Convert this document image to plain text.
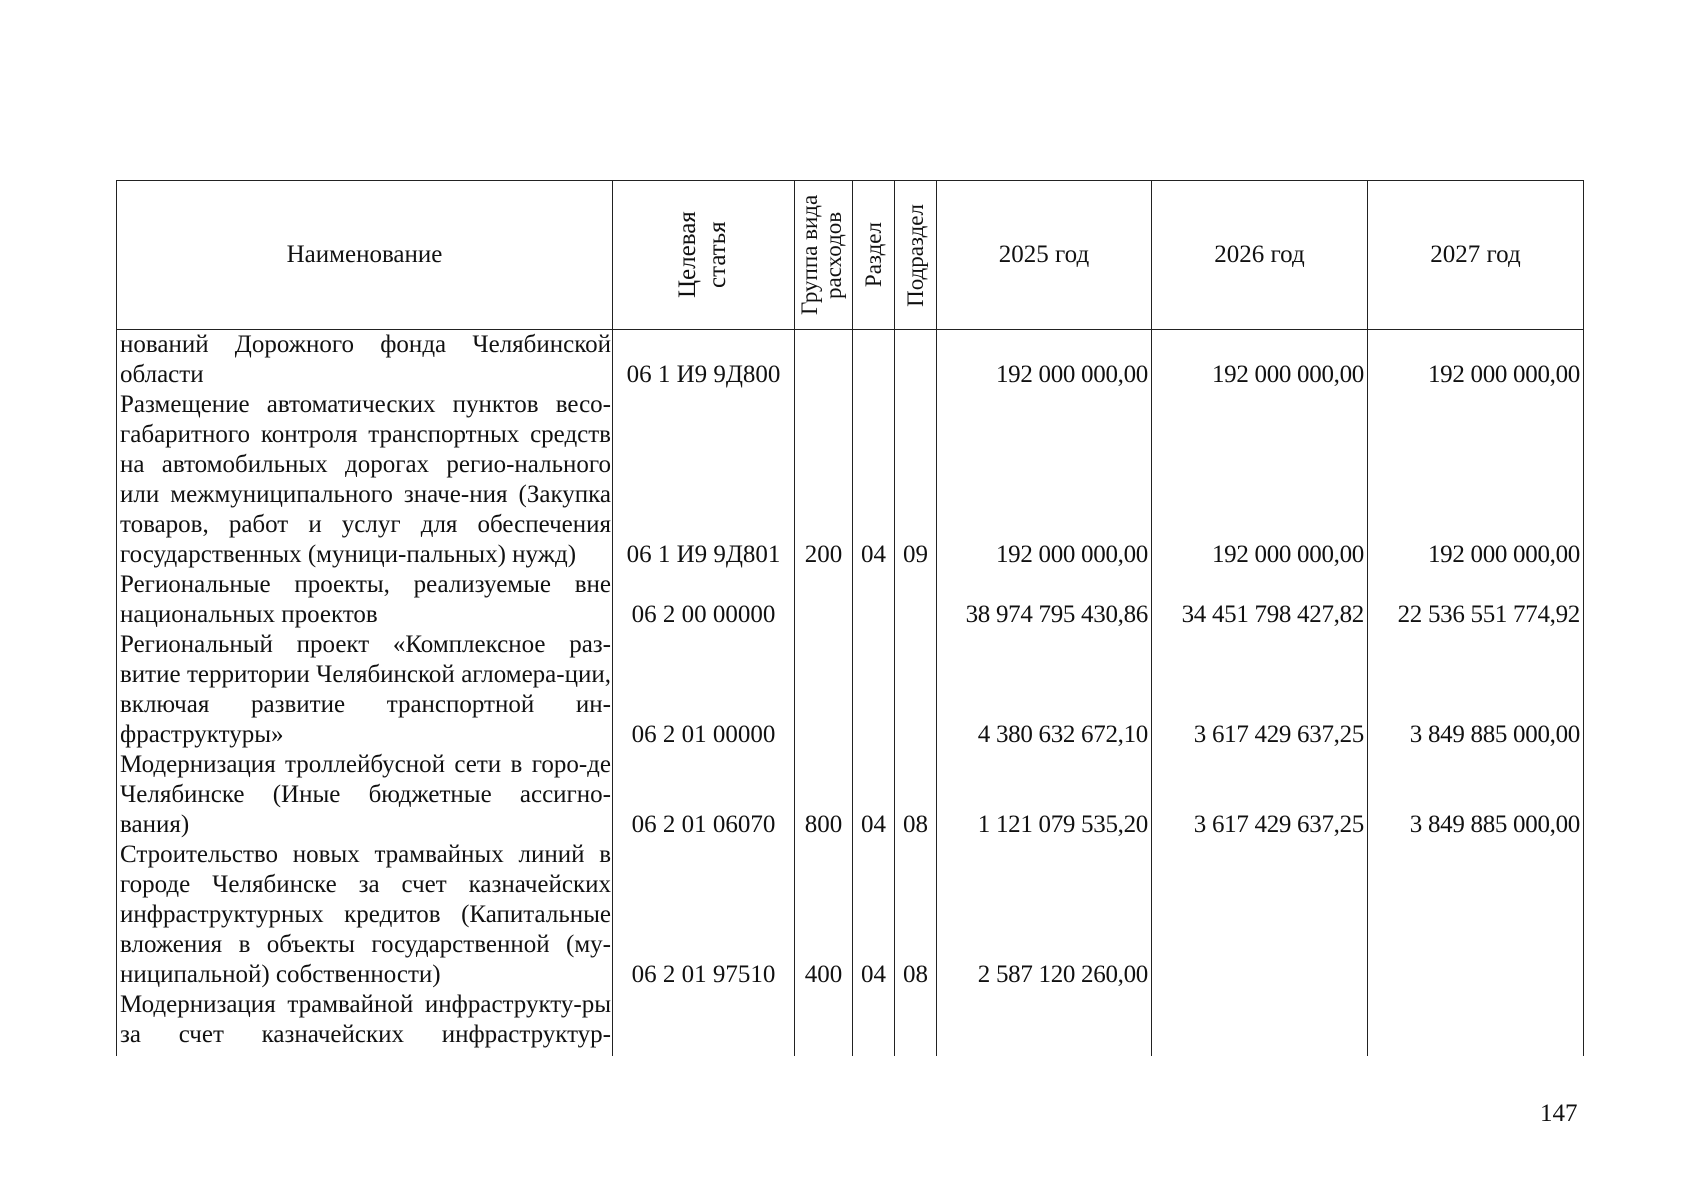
Наименование	Целевая статья	Группа вида расходов	Раздел	Подраздел	2025 год	2026 год	2027 год
нований Дорожного фонда Челябинской области	06 1 И9 9Д800				192 000 000,00	192 000 000,00	192 000 000,00
Размещение автоматических пунктов весо-габаритного контроля транспортных средств на автомобильных дорогах регио-нального или межмуниципального значе-ния (Закупка товаров, работ и услуг для обеспечения государственных (муници-пальных) нужд)	06 1 И9 9Д801	200	04	09	192 000 000,00	192 000 000,00	192 000 000,00
Региональные проекты, реализуемые вне национальных проектов	06 2 00 00000				38 974 795 430,86	34 451 798 427,82	22 536 551 774,92
Региональный проект «Комплексное раз-витие территории Челябинской агломера-ции, включая развитие транспортной ин-фраструктуры»	06 2 01 00000				4 380 632 672,10	3 617 429 637,25	3 849 885 000,00
Модернизация троллейбусной сети в горо-де Челябинске (Иные бюджетные ассигно-вания)	06 2 01 06070	800	04	08	1 121 079 535,20	3 617 429 637,25	3 849 885 000,00
Строительство новых трамвайных линий в городе Челябинске за счет казначейских инфраструктурных кредитов (Капитальные вложения в объекты государственной (му-ниципальной) собственности)	06 2 01 97510	400	04	08	2 587 120 260,00		
Модернизация трамвайной инфраструкту-ры за счет казначейских инфраструктур-							
147
